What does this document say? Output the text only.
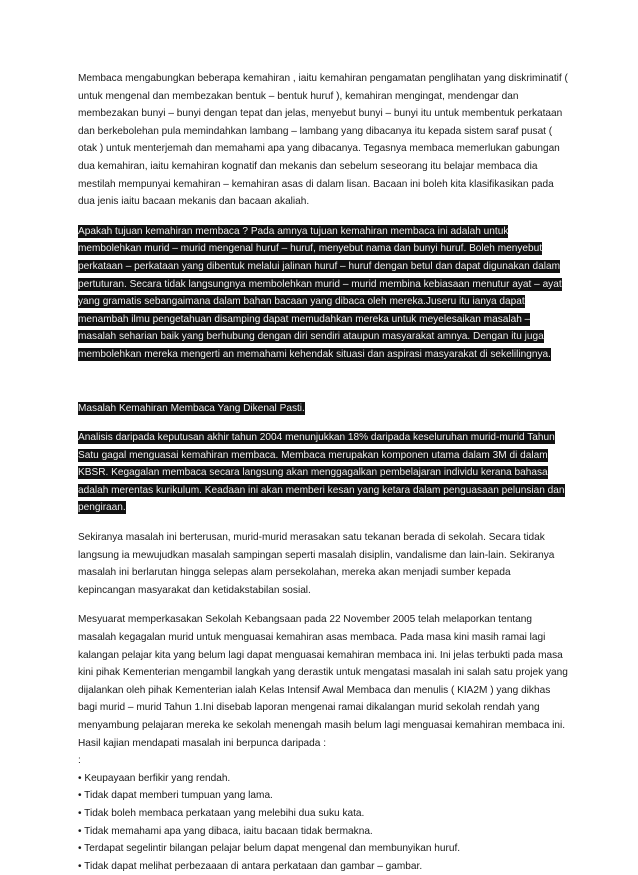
Membaca mengabungkan beberapa kemahiran , iaitu kemahiran pengamatan penglihatan yang diskriminatif ( untuk mengenal dan membezakan bentuk – bentuk huruf ), kemahiran mengingat, mendengar dan membezakan bunyi – bunyi dengan tepat dan jelas, menyebut bunyi – bunyi itu untuk membentuk perkataan dan berkebolehan pula memindahkan lambang – lambang yang dibacanya itu kepada sistem saraf pusat ( otak ) untuk menterjemah dan memahami apa yang dibacanya. Tegasnya membaca memerlukan gabungan dua kemahiran, iaitu kemahiran kognatif dan mekanis dan sebelum seseorang itu belajar membaca dia mestilah mempunyai kemahiran – kemahiran asas di dalam lisan. Bacaan ini boleh kita klasifikasikan pada dua jenis iaitu bacaan mekanis dan bacaan akaliah.

Apakah tujuan kemahiran membaca ? Pada amnya tujuan kemahiran membaca ini adalah untuk membolehkan murid – murid mengenal huruf – huruf, menyebut nama dan bunyi huruf. Boleh menyebut perkataan – perkataan yang dibentuk melalui jalinan huruf – huruf dengan betul dan dapat digunakan dalam pertuturan. Secara tidak langsungnya membolehkan murid – murid membina kebiasaan menutur ayat – ayat yang gramatis sebangaimana dalam bahan bacaan yang dibaca oleh mereka.Juseru itu ianya dapat menambah ilmu pengetahuan disamping dapat memudahkan mereka untuk meyelesaikan masalah – masalah seharian baik yang berhubung dengan diri sendiri ataupun masyarakat amnya. Dengan itu juga membolehkan mereka mengerti an memahami kehendak situasi dan aspirasi masyarakat di sekelilingnya.

Masalah Kemahiran Membaca Yang Dikenal Pasti.

Analisis daripada keputusan akhir tahun 2004 menunjukkan 18% daripada keseluruhan murid-murid Tahun Satu gagal menguasai kemahiran membaca. Membaca merupakan komponen utama dalam 3M di dalam KBSR. Kegagalan membaca secara langsung akan menggagalkan pembelajaran individu kerana bahasa adalah merentas kurikulum. Keadaan ini akan memberi kesan yang ketara dalam penguasaan pelunsian dan pengiraan.

Sekiranya masalah ini berterusan, murid-murid merasakan satu tekanan berada di sekolah. Secara tidak langsung ia mewujudkan masalah sampingan seperti masalah disiplin, vandalisme dan lain-lain. Sekiranya masalah ini berlarutan hingga selepas alam persekolahan, mereka akan menjadi sumber kepada kepincangan masyarakat dan ketidakstabilan sosial.

Mesyuarat memperkasakan Sekolah Kebangsaan pada 22 November 2005 telah melaporkan tentang masalah kegagalan murid untuk menguasai kemahiran asas membaca. Pada masa kini masih ramai lagi kalangan pelajar kita yang belum lagi dapat menguasai kemahiran membaca ini. Ini jelas terbukti pada masa kini pihak Kementerian mengambil langkah yang derastik untuk mengatasi masalah ini salah satu projek yang dijalankan oleh pihak Kementerian ialah Kelas Intensif Awal Membaca dan menulis ( KIA2M ) yang dikhas bagi murid – murid Tahun 1.Ini disebab laporan mengenai ramai dikalangan murid sekolah rendah yang menyambung pelajaran mereka ke sekolah menengah masih belum lagi menguasai kemahiran membaca ini. Hasil kajian mendapati masalah ini berpunca daripada :

:

• Keupayaan berfikir yang rendah.
• Tidak dapat memberi tumpuan yang lama.
• Tidak boleh membaca perkataan yang melebihi dua suku kata.
• Tidak memahami apa yang dibaca, iaitu bacaan tidak bermakna.
• Terdapat segelintir bilangan pelajar belum dapat mengenal dan membunyikan huruf.
• Tidak dapat melihat perbezaaan di antara perkataan dan gambar – gambar.
